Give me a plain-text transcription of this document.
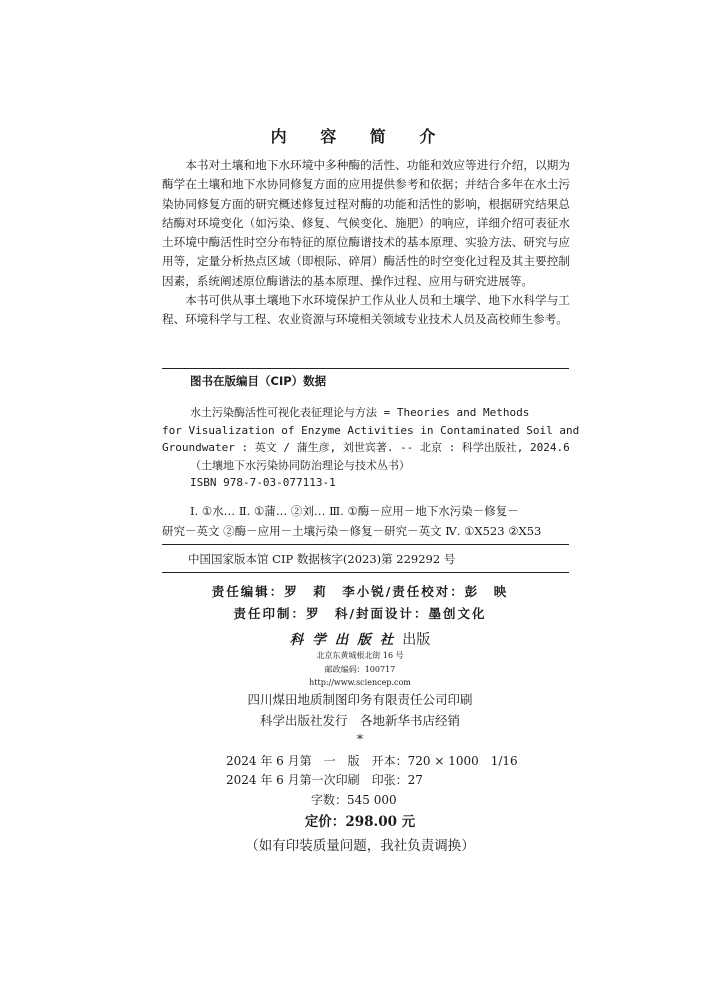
内 容 简 介

本书对土壤和地下水环境中多种酶的活性、功能和效应等进行介绍，以期为酶学在土壤和地下水协同修复方面的应用提供参考和依据；并结合多年在水土污染协同修复方面的研究概述修复过程对酶的功能和活性的影响，根据研究结果总结酶对环境变化（如污染、修复、气候变化、施肥）的响应，详细介绍可表征水土环境中酶活性时空分布特征的原位酶谱技术的基本原理、实验方法、研究与应用等，定量分析热点区域（即根际、碎屑）酶活性的时空变化过程及其主要控制因素，系统阐述原位酶谱法的基本原理、操作过程、应用与研究进展等。

本书可供从事土壤地下水环境保护工作从业人员和土壤学、地下水科学与工程、环境科学与工程、农业资源与环境相关领域专业技术人员及高校师生参考。

图书在版编目（CIP）数据
水土污染酶活性可视化表征理论与方法 = Theories and Methods
for Visualization of Enzyme Activities in Contaminated Soil and
Groundwater : 英文 / 蒲生彦, 刘世宾著. -- 北京 : 科学出版社, 2024.6
（土壤地下水污染协同防治理论与技术丛书）
ISBN 978-7-03-077113-1
Ⅰ. ①水… Ⅱ. ①蒲… ②刘… Ⅲ. ①酶－应用－地下水污染－修复－
研究－英文 ②酶－应用－土壤污染－修复－研究－英文 Ⅳ. ①X523 ②X53
中国国家版本馆 CIP 数据核字(2023)第 229292 号
责任编辑：罗　莉　李小锐/责任校对：彭　映
责任印制：罗　科/封面设计：墨创文化
科学出版社出版
北京东黄城根北街 16 号
邮政编码：100717
http://www.sciencep.com
四川煤田地质制图印务有限责任公司印刷
科学出版社发行　各地新华书店经销
*
2024 年 6 月第　一　版　开本：720 × 1000　1/16
2024 年 6 月第一次印刷　印张：27
字数：545 000
定价：298.00 元
（如有印装质量问题，我社负责调换）
